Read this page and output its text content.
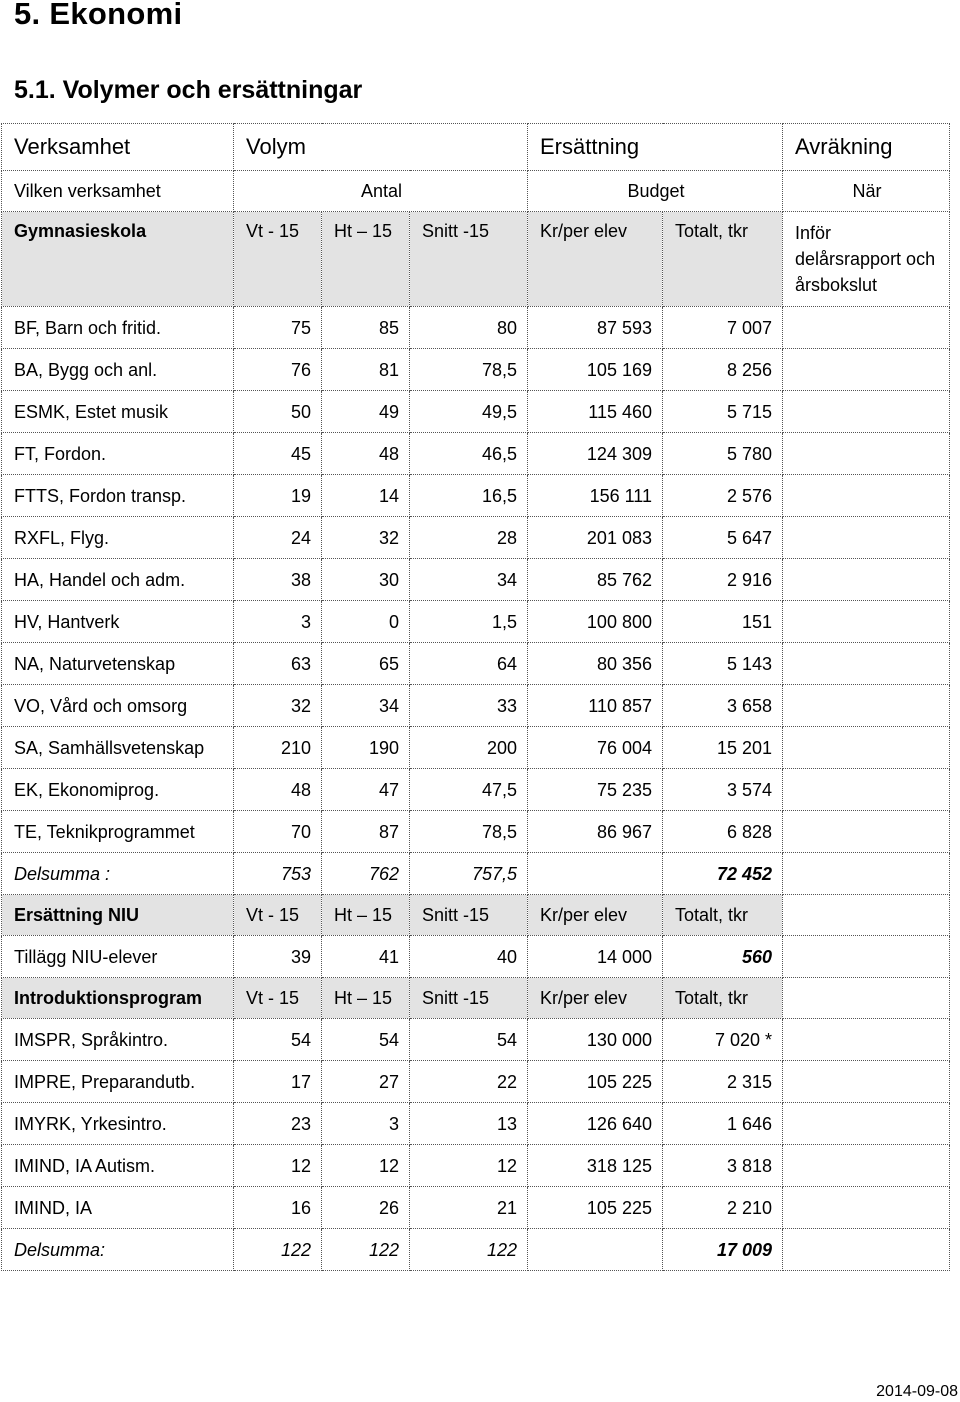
5. Ekonomi
5.1. Volymer och ersättningar
Verksamhet	Volym			Ersättning		Avräkning
Vilken verksamhet	Antal			Budget		När
Gymnasieskola	Vt - 15	Ht – 15	Snitt -15	Kr/per elev	Totalt, tkr	Inför delårsrapport och årsbokslut
BF, Barn och fritid.	75	85	80	87 593	7 007	
BA, Bygg och anl.	76	81	78,5	105 169	8 256	
ESMK, Estet musik	50	49	49,5	115 460	5 715	
FT, Fordon.	45	48	46,5	124 309	5 780	
FTTS, Fordon transp.	19	14	16,5	156 111	2 576	
RXFL, Flyg.	24	32	28	201 083	5 647	
HA, Handel och adm.	38	30	34	85 762	2 916	
HV, Hantverk	3	0	1,5	100 800	151	
NA, Naturvetenskap	63	65	64	80 356	5 143	
VO, Vård och omsorg	32	34	33	110 857	3 658	
SA, Samhällsvetenskap	210	190	200	76 004	15 201	
EK, Ekonomiprog.	48	47	47,5	75 235	3 574	
TE, Teknikprogrammet	70	87	78,5	86 967	6 828	
Delsumma :	753	762	757,5		72 452	
Ersättning NIU	Vt - 15	Ht – 15	Snitt -15	Kr/per elev	Totalt, tkr	
Tillägg NIU-elever	39	41	40	14 000	560	
Introduktionsprogram	Vt - 15	Ht – 15	Snitt -15	Kr/per elev	Totalt, tkr	
IMSPR, Språkintro.	54	54	54	130 000	7 020 *	
IMPRE, Preparandutb.	17	27	22	105 225	2 315	
IMYRK, Yrkesintro.	23	3	13	126 640	1 646	
IMIND, IA Autism.	12	12	12	318 125	3 818	
IMIND, IA	16	26	21	105 225	2 210	
Delsumma:	122	122	122		17 009	
2014-09-08
